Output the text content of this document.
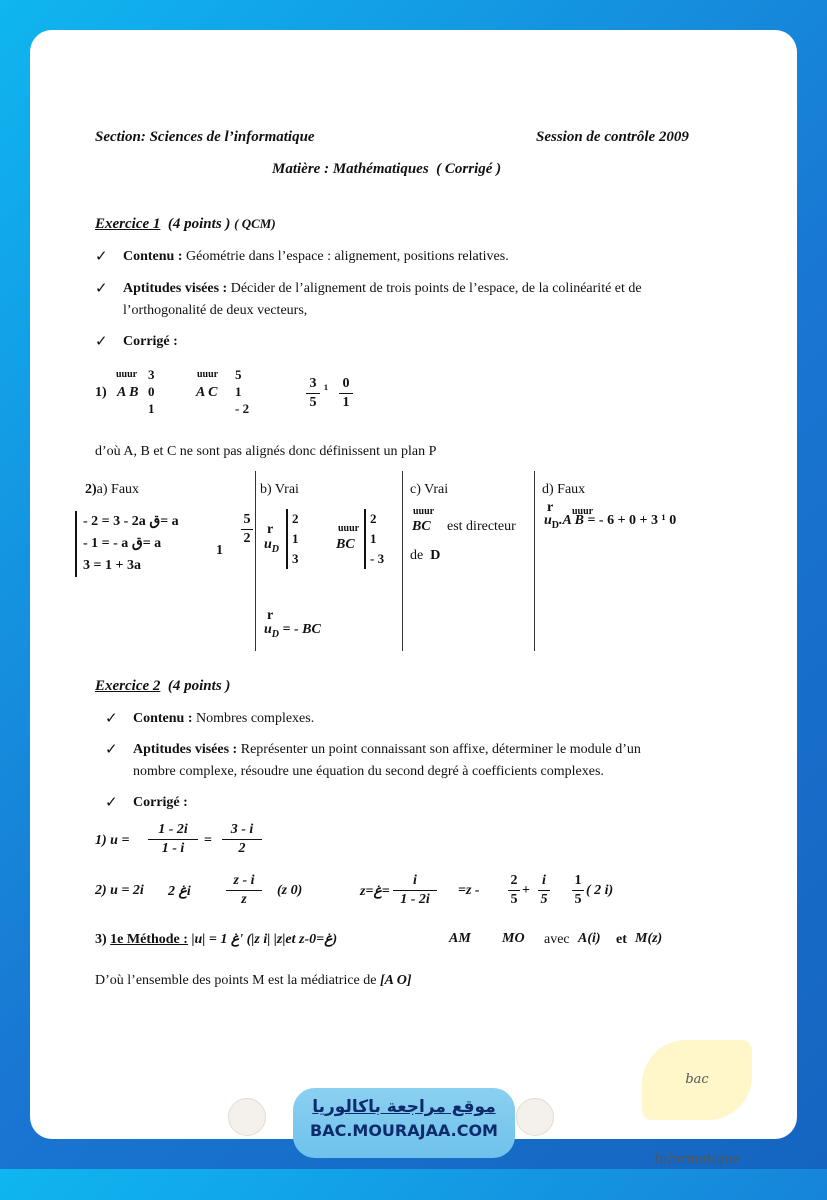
Section: Sciences de l’informatique	Session de contrôle 2009
Matière : Mathématiques ( Corrigé )
Exercice 1 (4 points ) ( QCM)
✓ Contenu : Géométrie dans l’espace : alignement, positions relatives.
✓ Aptitudes visées : Décider de l’alignement de trois points de l’espace, de la colinéarité et de
l’orthogonalité de deux vecteurs,
✓ Corrigé :
1) A B
uuur 3
0
1
A C
uuur 5
1
- 2
3
5
¹ 0
1
d’où A, B et C ne sont pas alignés donc définissent un plan P
2)a) Faux	b) Vrai	c) Vrai	d) Faux
- 2 = 3 - 2a ق= a
- 1 = - a ق= a
3 = 1 + 3a
5
2
1
r
$u_D$
2
1
3
uuur
BC
2
1
- 3
r
$u_D$ = - BC
uuur
BC est directeur
de D
r uuur
$u_D.A$ B = - 6 + 0 + 3 ¹ 0
Exercice 2 (4 points )
✓ Contenu : Nombres complexes.
✓ Aptitudes visées : Représenter un point connaissant son affixe, déterminer le module d’un
nombre complexe, résoudre une équation du second degré à coefficients complexes.
✓ Corrigé :
1) u =
1 - 2i
1 - i
=
3 - i
2
2) u = 2i غ 2i
z - i
z
(z 0)	z=غ=
i
1 - 2i
=z -
2
5
+
i
5
1
5
( 2 i)
3) 1e Méthode : |u| = 1 غ' (|z i| |z|et z-غ=0)	AM MO avec A(i) et M(z)
D’où l’ensemble des points M est la médiatrice de [A O]
موقع مراجعة باكالوريا
BAC.MOURAJAA.COM
bac Informatique
